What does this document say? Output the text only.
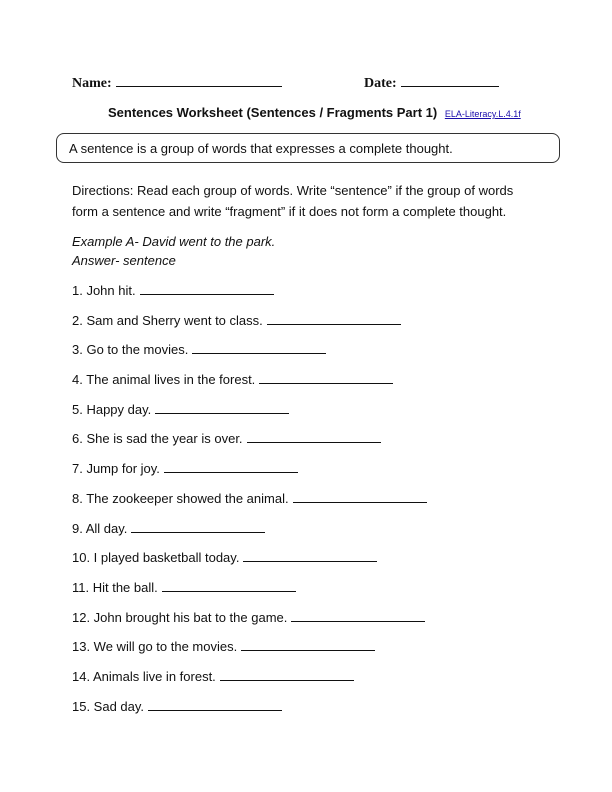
Name:	Date:
Sentences Worksheet (Sentences / Fragments Part 1) ELA-Literacy.L.4.1f
A sentence is a group of words that expresses a complete thought.
Directions: Read each group of words. Write “sentence” if the group of words form a sentence and write “fragment” if it does not form a complete thought.
Example A- David went to the park.
Answer- sentence
1. John hit.
2. Sam and Sherry went to class.
3. Go to the movies.
4. The animal lives in the forest.
5. Happy day.
6. She is sad the year is over.
7. Jump for joy.
8. The zookeeper showed the animal.
9. All day.
10. I played basketball today.
11. Hit the ball.
12. John brought his bat to the game.
13. We will go to the movies.
14. Animals live in forest.
15. Sad day.
